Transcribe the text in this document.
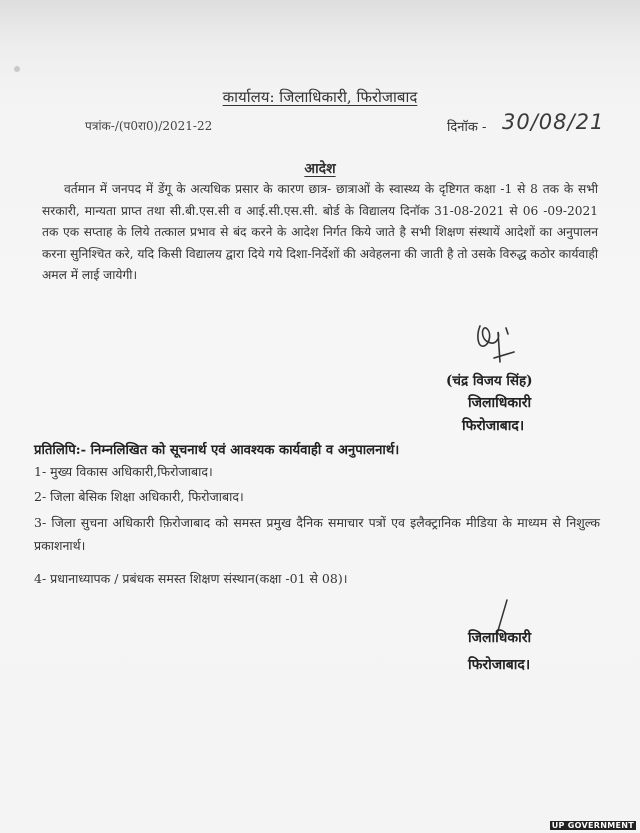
कार्यालय: जिलाधिकारी, फिरोजाबाद
पत्रांक-/(प0रा0)/2021-22	दिनॉक - 30/08/21
आदेश
वर्तमान में जनपद में डेंगू के अत्यधिक प्रसार के कारण छात्र- छात्राओं के स्वास्थ्य के दृष्टिगत कक्षा -1 से 8 तक के सभी सरकारी, मान्यता प्राप्त तथा सी.बी.एस.सी व आई.सी.एस.सी. बोर्ड के विद्यालय दिनॉक 31-08-2021 से 06 -09-2021 तक एक सप्ताह के लिये तत्काल प्रभाव से बंद करने के आदेश निर्गत किये जाते है सभी शिक्षण संस्थायें आदेशों का अनुपालन करना सुनिश्चित करे, यदि किसी विद्यालय द्वारा दिये गये दिशा-निर्देशों की अवेहलना की जाती है तो उसके विरुद्ध कठोर कार्यवाही अमल में लाई जायेगी।
(चंद्र विजय सिंह)
जिलाधिकारी
फिरोजाबाद।
प्रतिलिपि:- निम्नलिखित को सूचनार्थ एवं आवश्यक कार्यवाही व अनुपालनार्थ।
1- मुख्य विकास अधिकारी,फिरोजाबाद।
2- जिला बेसिक शिक्षा अधिकारी, फिरोजाबाद।
3- जिला सुचना अधिकारी फ़िरोजाबाद को समस्त प्रमुख दैनिक समाचार पत्रों एव इलैक्ट्रानिक मीडिया के माध्यम से निशुल्क प्रकाशनार्थ।
4- प्रधानाध्यापक / प्रबंधक समस्त शिक्षण संस्थान(कक्षा -01 से 08)।
जिलाधिकारी
फिरोजाबाद।
UP GOVERNMENT
